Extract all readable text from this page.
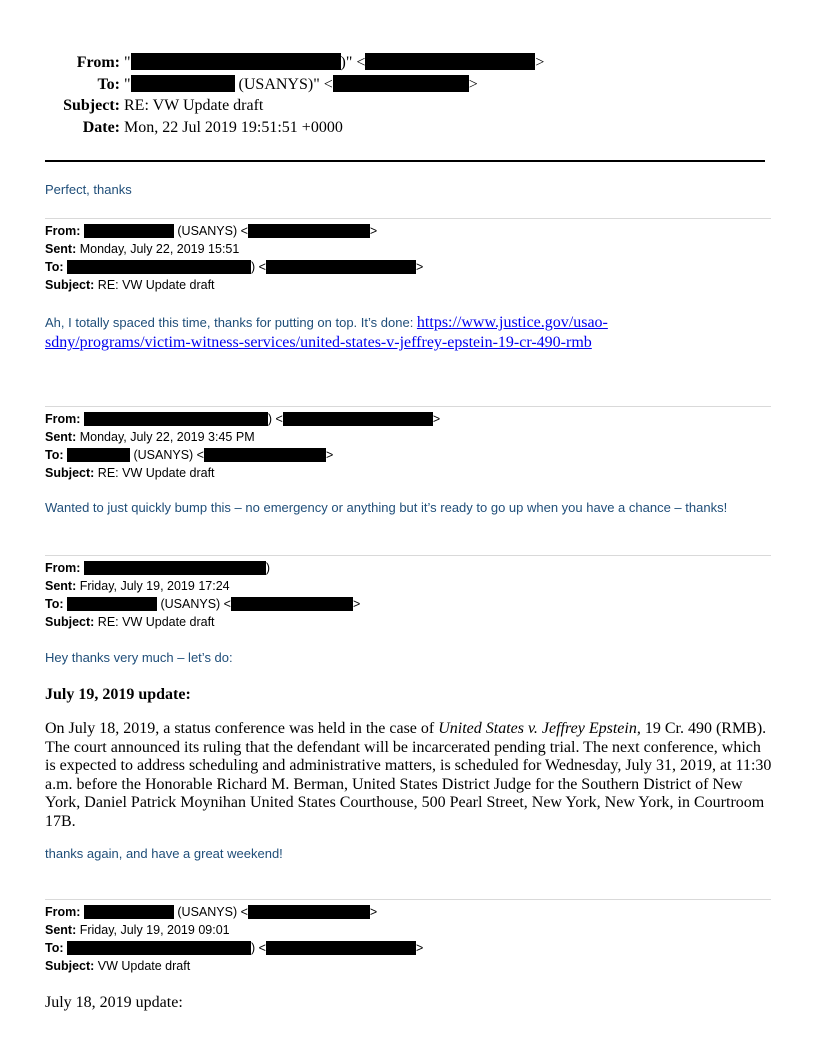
From: "	)" <	>
To: "	(USANYS)" <	>
Subject: RE: VW Update draft
Date: Mon, 22 Jul 2019 19:51:51 +0000
Perfect, thanks
From:	(USANYS) <	>
Sent: Monday, July 22, 2019 15:51
To:	) <	>
Subject: RE: VW Update draft
Ah, I totally spaced this time, thanks for putting on top. It’s done: https://www.justice.gov/usao-
sdny/programs/victim-witness-services/united-states-v-jeffrey-epstein-19-cr-490-rmb
From:	) <	>
Sent: Monday, July 22, 2019 3:45 PM
To:	(USANYS) <	>
Subject: RE: VW Update draft
Wanted to just quickly bump this – no emergency or anything but it’s ready to go up when you have a chance – thanks!
From:	)
Sent: Friday, July 19, 2019 17:24
To:	(USANYS) <	>
Subject: RE: VW Update draft
Hey thanks very much – let’s do:
July 19, 2019 update:
On July 18, 2019, a status conference was held in the case of United States v. Jeffrey Epstein, 19 Cr. 490 (RMB). The court announced its ruling that the defendant will be incarcerated pending trial. The next conference, which is expected to address scheduling and administrative matters, is scheduled for Wednesday, July 31, 2019, at 11:30 a.m. before the Honorable Richard M. Berman, United States District Judge for the Southern District of New York, Daniel Patrick Moynihan United States Courthouse, 500 Pearl Street, New York, New York, in Courtroom 17B.
thanks again, and have a great weekend!
From:	(USANYS) <	>
Sent: Friday, July 19, 2019 09:01
To:	) <	>
Subject: VW Update draft
July 18, 2019 update:
